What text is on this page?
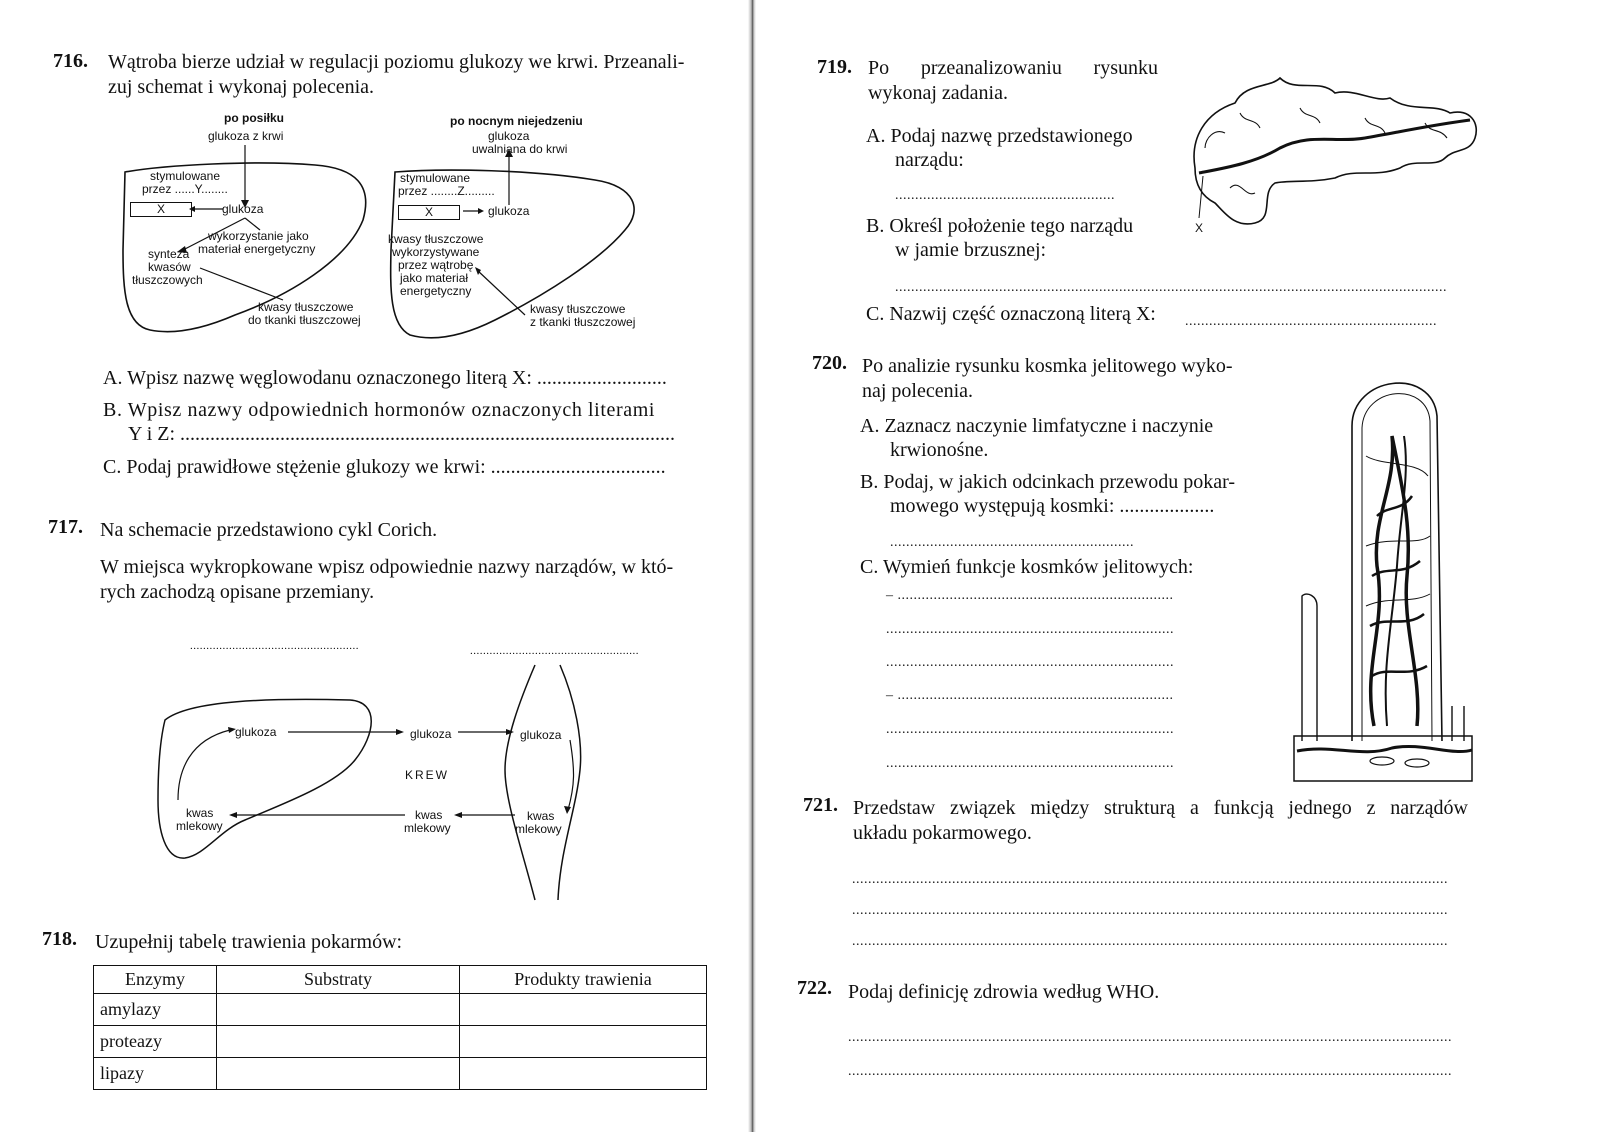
716. Wątroba bierze udział w regulacji poziomu glukozy we krwi. Przeanali-
zuj schemat i wykonaj polecenia.
po posiłku
glukoza z krwi
stymulowane
przez ......Y........
X	glukoza
wykorzystanie jako
materiał energetyczny
synteza
kwasów
tłuszczowych
kwasy tłuszczowe
do tkanki tłuszczowej
po nocnym niejedzeniu
glukoza
uwalniana do krwi
stymulowane
przez ........Z.........
X	glukoza
kwasy tłuszczowe
wykorzystywane
przez wątrobę
jako materiał
energetyczny
kwasy tłuszczowe
z tkanki tłuszczowej
A. Wpisz nazwę węglowodanu oznaczonego literą X: ..........................
B. Wpisz nazwy odpowiednich hormonów oznaczonych literami
Y i Z: ...................................................................................................
C. Podaj prawidłowe stężenie glukozy we krwi: ...................................
717. Na schemacie przedstawiono cykl Corich.
W miejsca wykropkowane wpisz odpowiednie nazwy narządów, w któ-
rych zachodzą opisane przemiany.
....................................................	....................................................
glukoza	glukoza	glukoza
KREW
kwas
mlekowy
kwas
mlekowy
kwas
mlekowy
718. Uzupełnij tabelę trawienia pokarmów:
Enzymy	Substraty	Produkty trawienia
amylazy		
proteazy		
lipazy		
719. Po przeanalizowaniu rysunku
wykonaj zadania.
A. Podaj nazwę przedstawionego
narządu:
.......................................................
B. Określ położenie tego narządu
w jamie brzusznej:
..........................................................................................................................................
C. Nazwij część oznaczoną literą X: ...............................................................
X
720. Po analizie rysunku kosmka jelitowego wyko-
naj polecenia.
A. Zaznacz naczynie limfatyczne i naczynie
krwionośne.
B. Podaj, w jakich odcinkach przewodu pokar-
mowego występują kosmki: ...................
.............................................................
C. Wymień funkcje kosmków jelitowych:
– .....................................................................
........................................................................
........................................................................
– .....................................................................
........................................................................
........................................................................
721. Przedstaw związek między strukturą a funkcją jednego z narządów
układu pokarmowego.
.....................................................................................................................................................
.....................................................................................................................................................
.....................................................................................................................................................
722. Podaj definicję zdrowia według WHO.
.......................................................................................................................................................
.......................................................................................................................................................
